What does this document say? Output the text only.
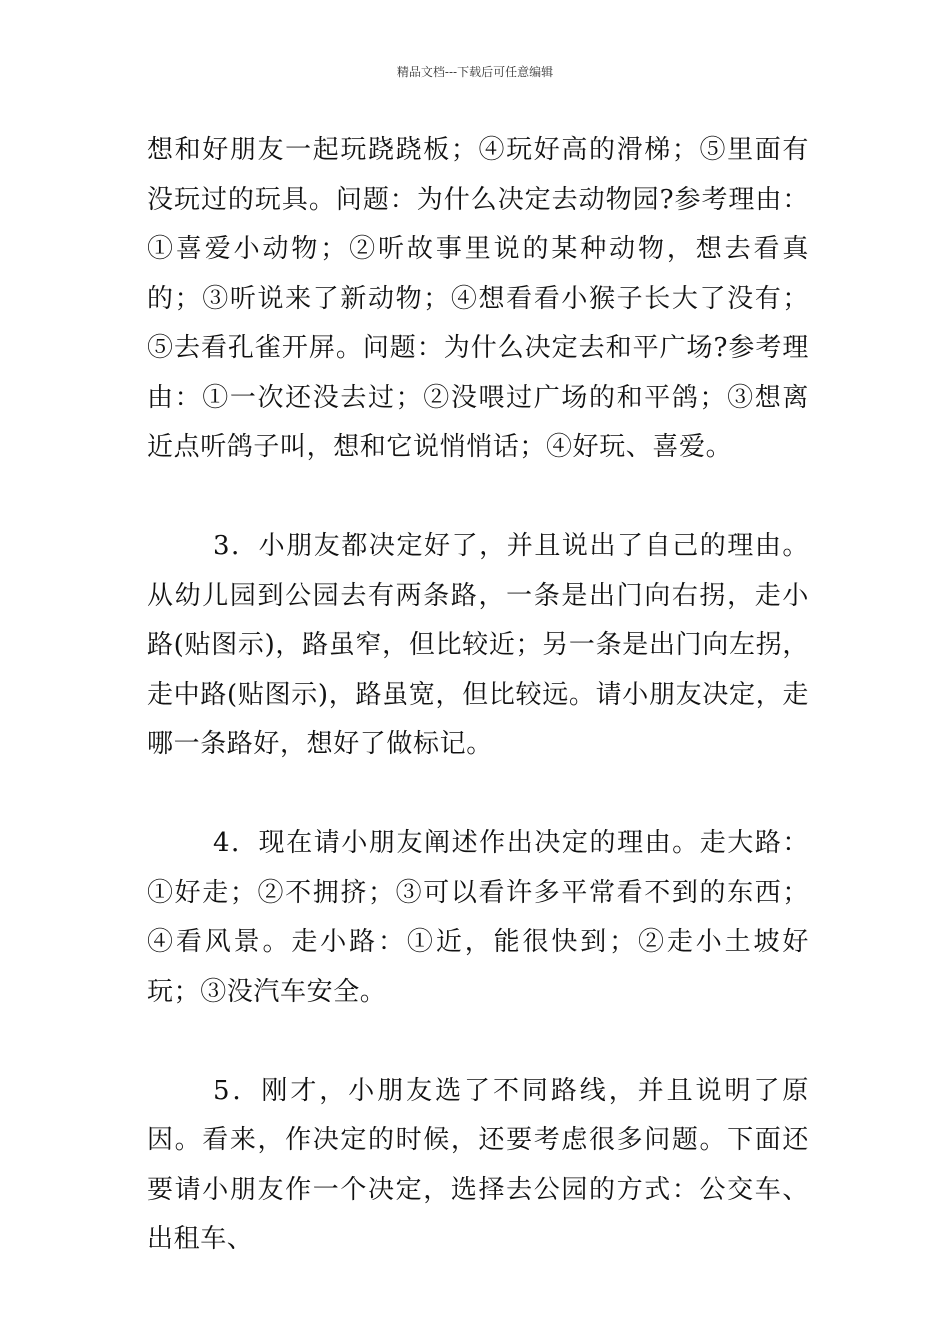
精品文档---下载后可任意编辑

想和好朋友一起玩跷跷板；④玩好高的滑梯；⑤里面有没玩过的玩具。问题：为什么决定去动物园?参考理由：①喜爱小动物；②听故事里说的某种动物，想去看真的；③听说来了新动物；④想看看小猴子长大了没有；⑤去看孔雀开屏。问题：为什么决定去和平广场?参考理由：①一次还没去过；②没喂过广场的和平鸽；③想离近点听鸽子叫，想和它说悄悄话；④好玩、喜爱。

3．小朋友都决定好了，并且说出了自己的理由。从幼儿园到公园去有两条路，一条是出门向右拐，走小路(贴图示)，路虽窄，但比较近；另一条是出门向左拐，走中路(贴图示)，路虽宽，但比较远。请小朋友决定，走哪一条路好，想好了做标记。

4．现在请小朋友阐述作出决定的理由。走大路：①好走；②不拥挤；③可以看许多平常看不到的东西；④看风景。走小路：①近，能很快到；②走小土坡好玩；③没汽车安全。

5．刚才，小朋友选了不同路线，并且说明了原因。看来，作决定的时候，还要考虑很多问题。下面还要请小朋友作一个决定，选择去公园的方式：公交车、出租车、
